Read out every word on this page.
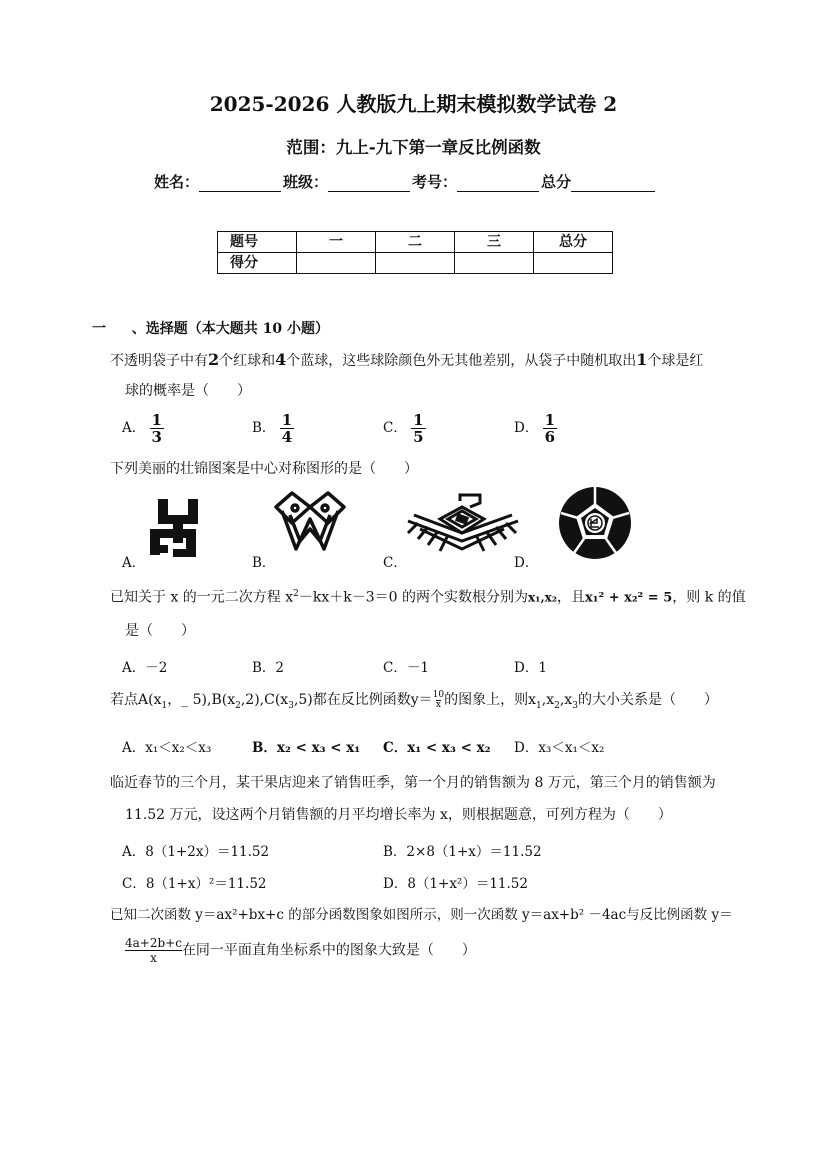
2025-2026 人教版九上期末模拟数学试卷 2
范围：九上-九下第一章反比例函数
姓名：	班级：	考号：	总分
题号	一	二	三	总分
得分				
一 、选择题（本大题共 10 小题）
不透明袋子中有2个红球和4个蓝球，这些球除颜色外无其他差别，从袋子中随机取出1个球是红
球的概率是（　　）
A． $\frac{1}{3}$	B． $\frac{1}{4}$	C． $\frac{1}{5}$	D． $\frac{1}{6}$
下列美丽的壮锦图案是中心对称图形的是（　　）
A．	B．	C．	D．
已知关于 x 的一元二次方程 $x^2-kx+k-3=0$ 的两个实数根分别为x₁,x₂，且x₁² + x₂² = 5，则 k 的值
是（　　）
A．－2	B．2	C．－1	D．1
若点$A(x_1$，_ $5),B(x_2,2),C(x_3,5)$都在反比例函数$y= \frac{10}{x}$ 的图象上，则$x_1,x_2,x_3$的大小关系是（　　）
A．x₁＜x₂＜x₃	B．x₂ < x₃ < x₁ C．x₁ < x₃ < x₂ D．x₃＜x₁＜x₂
临近春节的三个月，某干果店迎来了销售旺季，第一个月的销售额为 8 万元，第三个月的销售额为
11.52 万元，设这两个月销售额的月平均增长率为 x，则根据题意，可列方程为（　　）
A．8（1+2x）＝11.52	B．2×8（1+x）＝11.52
C．8（1+x）²＝11.52	D．8（1+x²）＝11.52
已知二次函数 y＝ax²+bx+c 的部分函数图象如图所示，则一次函数 y＝ax+b² －4ac与反比例函数 y＝
$\frac{4a+2b+c}{x}$ 在同一平面直角坐标系中的图象大致是（　　）
